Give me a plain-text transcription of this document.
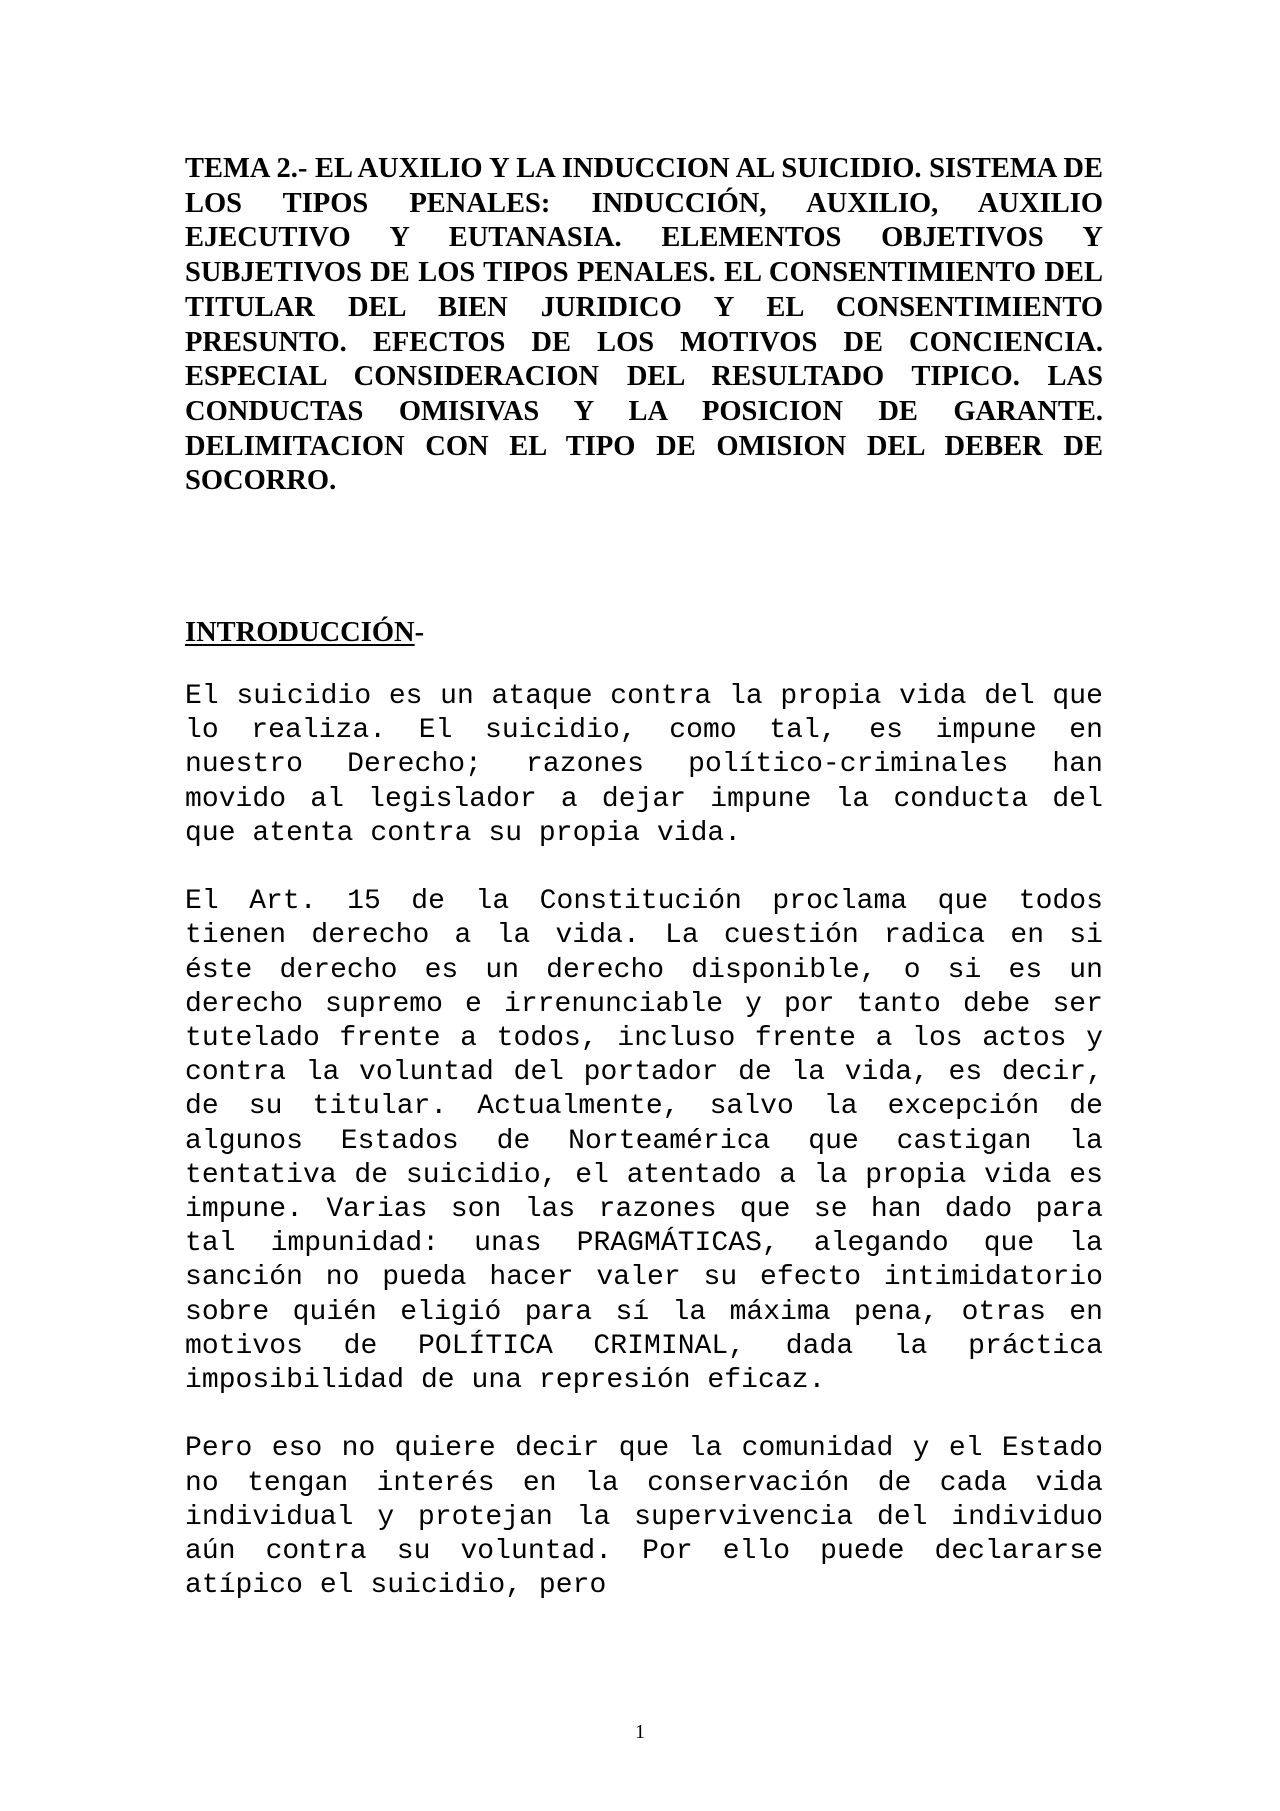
TEMA 2.- EL AUXILIO Y LA INDUCCION AL SUICIDIO. SISTEMA DE LOS TIPOS PENALES: INDUCCIÓN, AUXILIO, AUXILIO EJECUTIVO Y EUTANASIA. ELEMENTOS OBJETIVOS Y SUBJETIVOS DE LOS TIPOS PENALES. EL CONSENTIMIENTO DEL TITULAR DEL BIEN JURIDICO Y EL CONSENTIMIENTO PRESUNTO. EFECTOS DE LOS MOTIVOS DE CONCIENCIA. ESPECIAL CONSIDERACION DEL RESULTADO TIPICO. LAS CONDUCTAS OMISIVAS Y LA POSICION DE GARANTE. DELIMITACION CON EL TIPO DE OMISION DEL DEBER DE SOCORRO.

INTRODUCCIÓN-

El suicidio es un ataque contra la propia vida del que lo realiza. El suicidio, como tal, es impune en nuestro Derecho; razones político-criminales han movido al legislador a dejar impune la conducta del que atenta contra su propia vida.

El Art. 15 de la Constitución proclama que todos tienen derecho a la vida. La cuestión radica en si éste derecho es un derecho disponible, o si es un derecho supremo e irrenunciable y por tanto debe ser tutelado frente a todos, incluso frente a los actos y contra la voluntad del portador de la vida, es decir, de su titular. Actualmente, salvo la excepción de algunos Estados de Norteamérica que castigan la tentativa de suicidio, el atentado a la propia vida es impune. Varias son las razones que se han dado para tal impunidad: unas PRAGMÁTICAS, alegando que la sanción no pueda hacer valer su efecto intimidatorio sobre quién eligió para sí la máxima pena, otras en motivos de POLÍTICA CRIMINAL, dada la práctica imposibilidad de una represión eficaz.

Pero eso no quiere decir que la comunidad y el Estado no tengan interés en la conservación de cada vida individual y protejan la supervivencia del individuo aún contra su voluntad. Por ello puede declararse atípico el suicidio, pero

1
